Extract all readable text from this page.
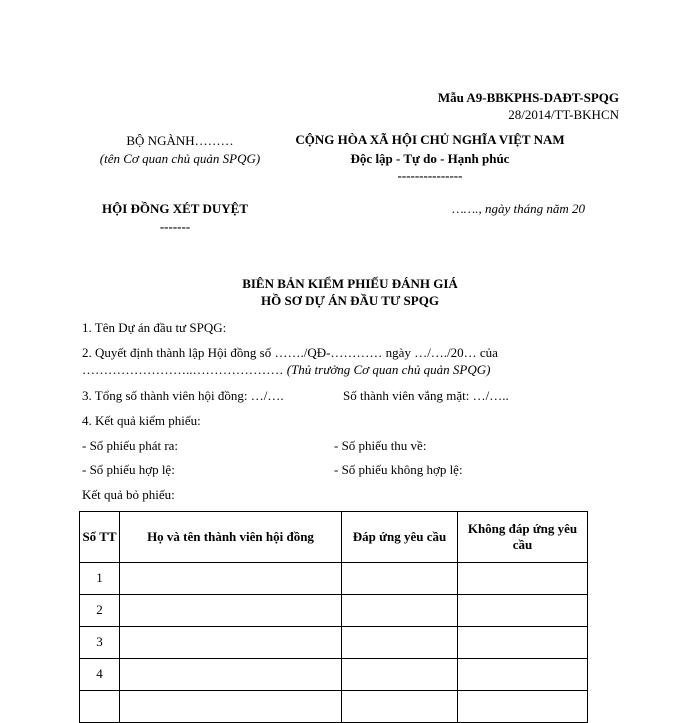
Mẫu A9-BBKPHS-DAĐT-SPQG
28/2014/TT-BKHCN
BỘ NGÀNH………
(tên Cơ quan chủ quản SPQG)
CỘNG HÒA XÃ HỘI CHỦ NGHĨA VIỆT NAM
Độc lập - Tự do - Hạnh phúc
---------------
HỘI ĐỒNG XÉT DUYỆT
-------
……., ngày tháng năm 20
BIÊN BẢN KIỂM PHIẾU ĐÁNH GIÁ
HỒ SƠ DỰ ÁN ĐẦU TƯ SPQG
1. Tên Dự án đầu tư SPQG:
2. Quyết định thành lập Hội đồng số ……./QĐ-………… ngày …/…./20… của
……………………..………………… (Thủ trưởng Cơ quan chủ quản SPQG)
3. Tổng số thành viên hội đồng: …/….	Số thành viên vắng mặt: …/…..
4. Kết quả kiểm phiếu:
- Số phiếu phát ra:	- Số phiếu thu về:
- Số phiếu hợp lệ:	- Số phiếu không hợp lệ:
Kết quả bỏ phiếu:
Số TT	Họ và tên thành viên hội đồng	Đáp ứng yêu cầu	Không đáp ứng yêu cầu
1			
2			
3			
4			
